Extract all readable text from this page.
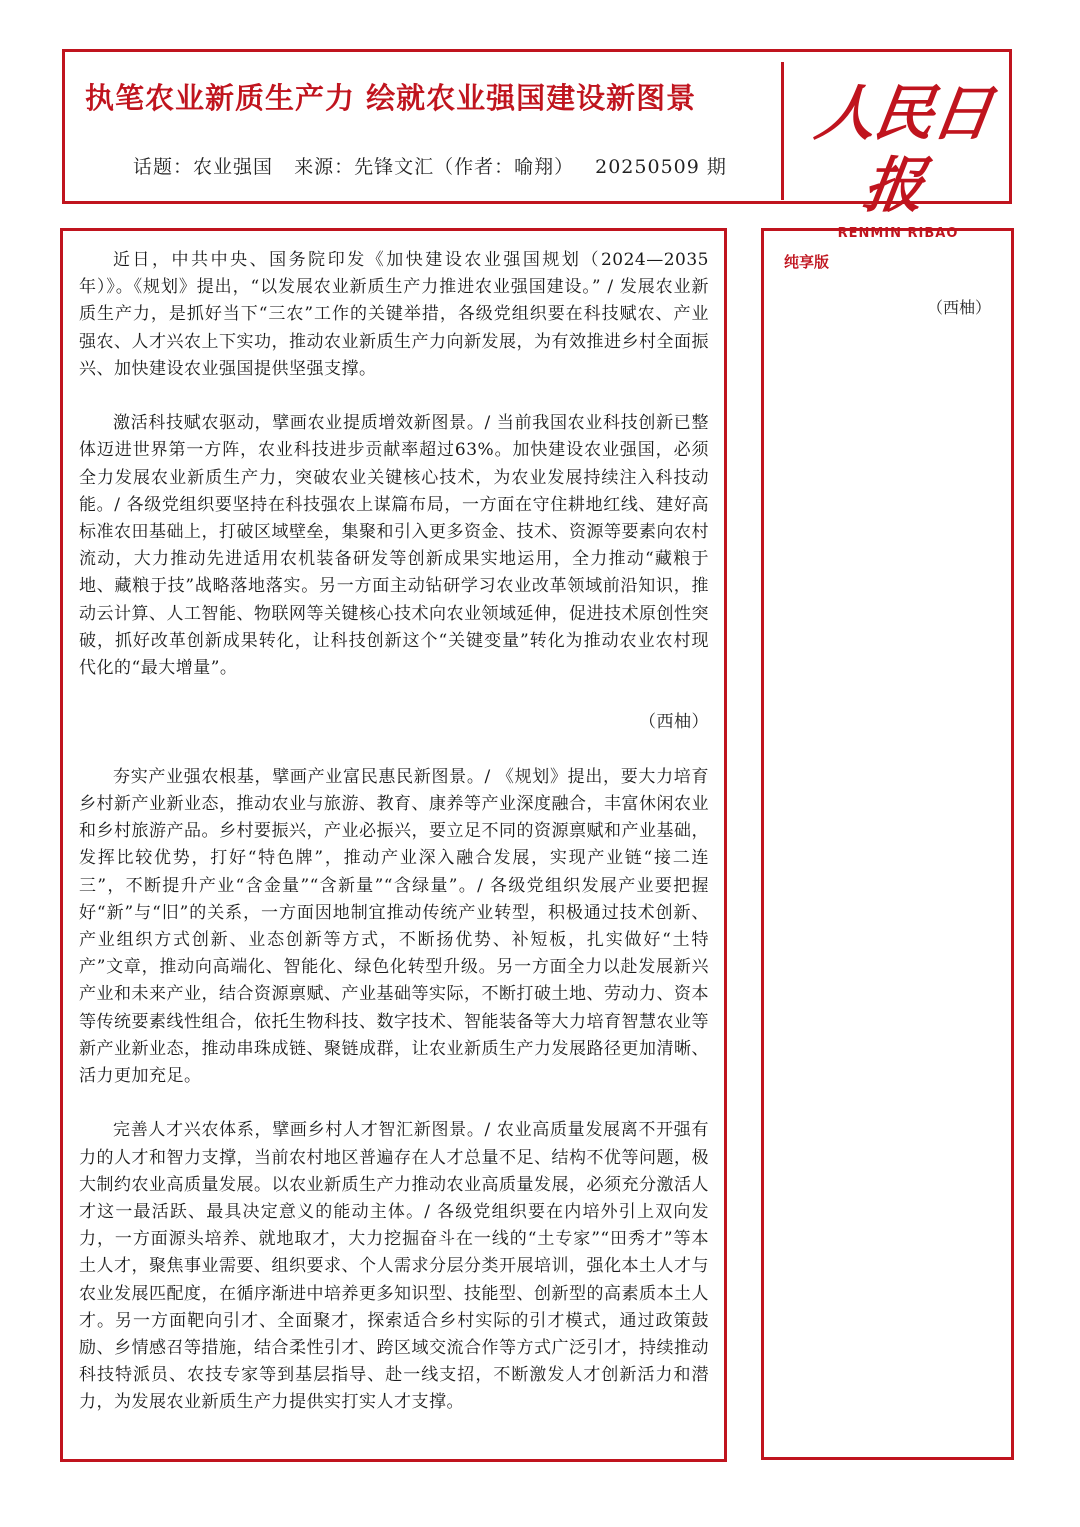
执笔农业新质生产力 绘就农业强国建设新图景
话题：农业强国 来源：先锋文汇（作者：喻翔） 20250509 期
人民日报
RENMIN RIBAO

近日，中共中央、国务院印发《加快建设农业强国规划（2024—2035年）》。《规划》提出，“以发展农业新质生产力推进农业强国建设。” / 发展农业新质生产力，是抓好当下“三农”工作的关键举措，各级党组织要在科技赋农、产业强农、人才兴农上下实功，推动农业新质生产力向新发展，为有效推进乡村全面振兴、加快建设农业强国提供坚强支撑。

激活科技赋农驱动，擘画农业提质增效新图景。/ 当前我国农业科技创新已整体迈进世界第一方阵，农业科技进步贡献率超过63%。加快建设农业强国，必须全力发展农业新质生产力，突破农业关键核心技术，为农业发展持续注入科技动能。/ 各级党组织要坚持在科技强农上谋篇布局，一方面在守住耕地红线、建好高标准农田基础上，打破区域壁垒，集聚和引入更多资金、技术、资源等要素向农村流动，大力推动先进适用农机装备研发等创新成果实地运用，全力推动“藏粮于地、藏粮于技”战略落地落实。另一方面主动钻研学习农业改革领域前沿知识，推动云计算、人工智能、物联网等关键核心技术向农业领域延伸，促进技术原创性突破，抓好改革创新成果转化，让科技创新这个“关键变量”转化为推动农业农村现代化的“最大增量”。

（西柚）

夯实产业强农根基，擘画产业富民惠民新图景。/ 《规划》提出，要大力培育乡村新产业新业态，推动农业与旅游、教育、康养等产业深度融合，丰富休闲农业和乡村旅游产品。乡村要振兴，产业必振兴，要立足不同的资源禀赋和产业基础，发挥比较优势，打好“特色牌”，推动产业深入融合发展，实现产业链“接二连三”，不断提升产业“含金量”“含新量”“含绿量”。/ 各级党组织发展产业要把握好“新”与“旧”的关系，一方面因地制宜推动传统产业转型，积极通过技术创新、产业组织方式创新、业态创新等方式，不断扬优势、补短板，扎实做好“土特产”文章，推动向高端化、智能化、绿色化转型升级。另一方面全力以赴发展新兴产业和未来产业，结合资源禀赋、产业基础等实际，不断打破土地、劳动力、资本等传统要素线性组合，依托生物科技、数字技术、智能装备等大力培育智慧农业等新产业新业态，推动串珠成链、聚链成群，让农业新质生产力发展路径更加清晰、活力更加充足。

完善人才兴农体系，擘画乡村人才智汇新图景。/ 农业高质量发展离不开强有力的人才和智力支撑，当前农村地区普遍存在人才总量不足、结构不优等问题，极大制约农业高质量发展。以农业新质生产力推动农业高质量发展，必须充分激活人才这一最活跃、最具决定意义的能动主体。/ 各级党组织要在内培外引上双向发力，一方面源头培养、就地取才，大力挖掘奋斗在一线的“土专家”“田秀才”等本土人才，聚焦事业需要、组织要求、个人需求分层分类开展培训，强化本土人才与农业发展匹配度，在循序渐进中培养更多知识型、技能型、创新型的高素质本土人才。另一方面靶向引才、全面聚才，探索适合乡村实际的引才模式，通过政策鼓励、乡情感召等措施，结合柔性引才、跨区域交流合作等方式广泛引才，持续推动科技特派员、农技专家等到基层指导、赴一线支招，不断激发人才创新活力和潜力，为发展农业新质生产力提供实打实人才支撑。

纯享版
（西柚）
